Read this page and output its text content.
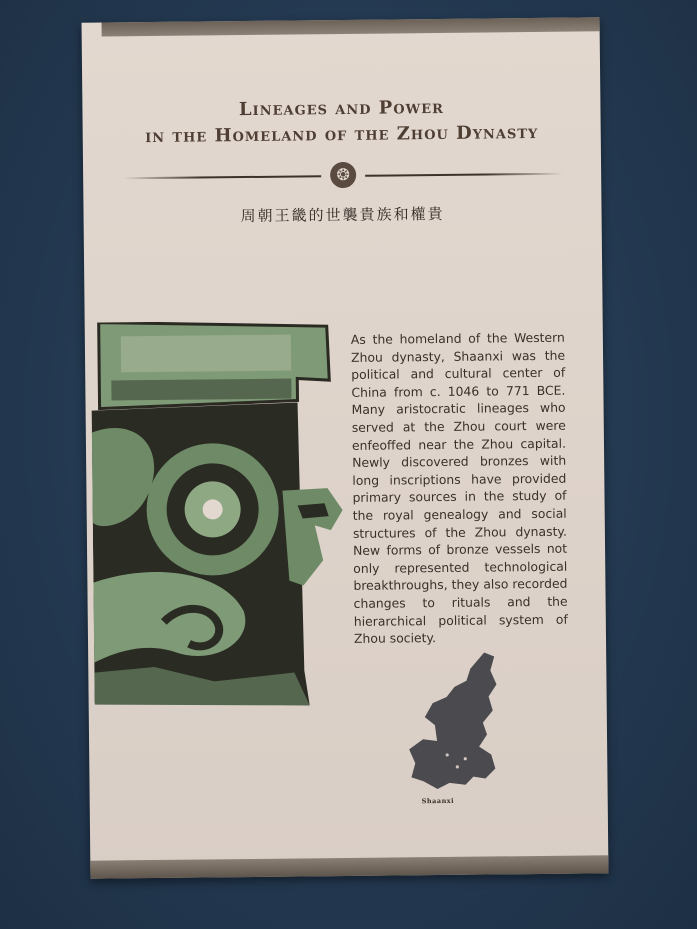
Lineages and Power
in the Homeland of the Zhou Dynasty
❂
周朝王畿的世襲貴族和權貴

As the homeland of the Western Zhou dynasty, Shaanxi was the political and cultural center of China from c. 1046 to 771 BCE. Many aristocratic lineages who served at the Zhou court were enfeoffed near the Zhou capital. Newly discovered bronzes with long inscriptions have provided primary sources in the study of the royal genealogy and social structures of the Zhou dynasty. New forms of bronze vessels not only represented technological breakthroughs, they also recorded changes to rituals and the hierarchical political system of Zhou society.

Shaanxi
